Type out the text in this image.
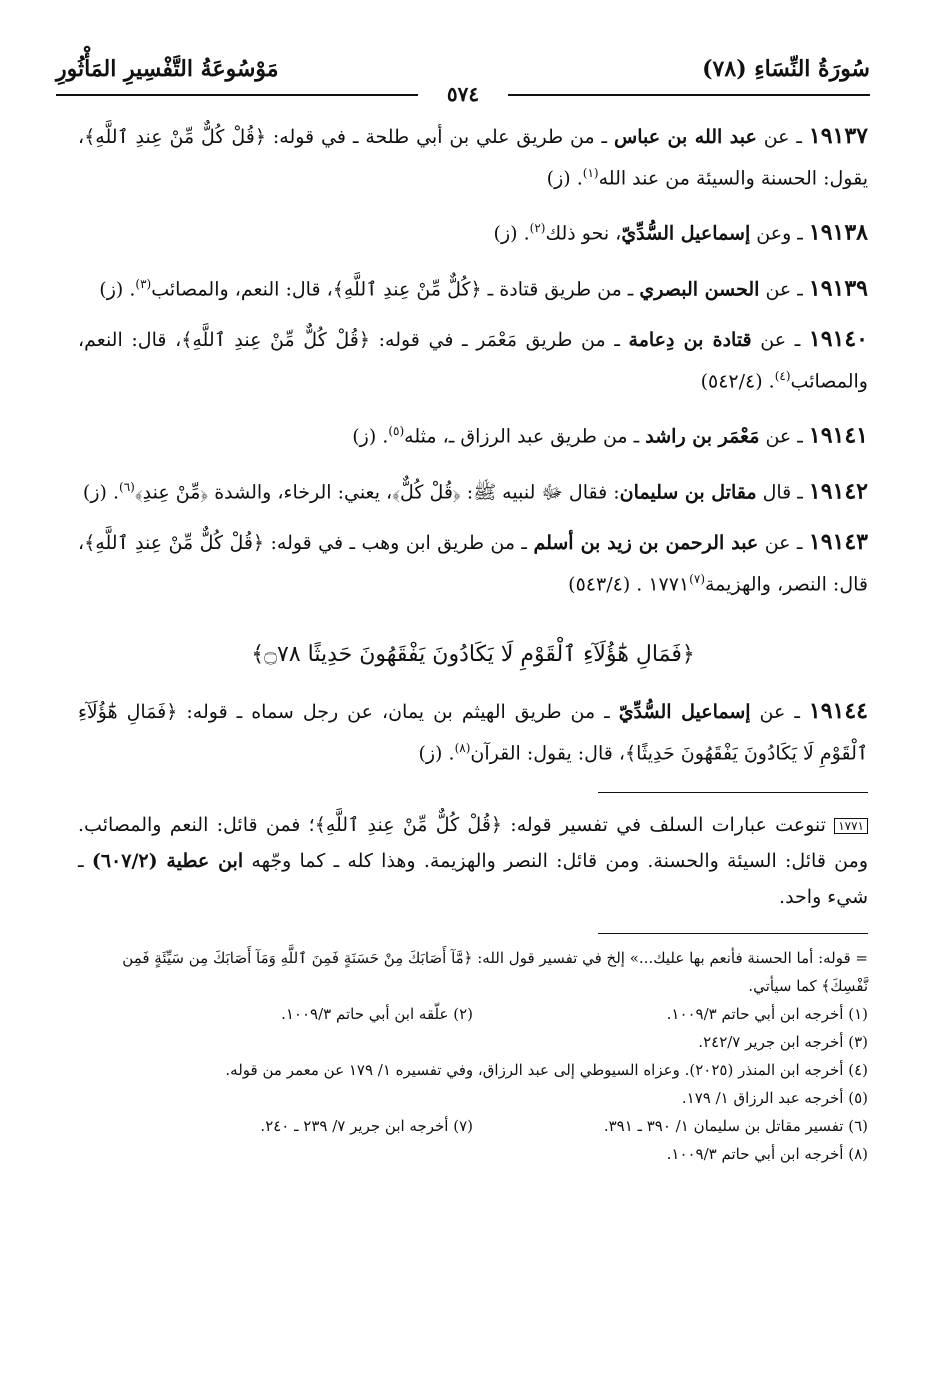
سُورَةُ النِّسَاءِ (٧٨)
مَوْسُوعَةُ التَّفْسِيرِ المَأْثُورِ
٥٧٤

١٩١٣٧ ـ عن عبد الله بن عباس ـ من طريق علي بن أبي طلحة ـ في قوله: ﴿قُلْ كُلٌّ مِّنْ عِندِ ٱللَّهِ﴾، يقول: الحسنة والسيئة من عند الله$^{(١)}$. (ز)

١٩١٣٨ ـ وعن إسماعيل السُّدِّيّ، نحو ذلك$^{(٢)}$. (ز)

١٩١٣٩ ـ عن الحسن البصري ـ من طريق قتادة ـ ﴿كُلٌّ مِّنْ عِندِ ٱللَّهِ﴾، قال: النعم، والمصائب$^{(٣)}$. (ز)

١٩١٤٠ ـ عن قتادة بن دِعامة ـ من طريق مَعْمَر ـ في قوله: ﴿قُلْ كُلٌّ مِّنْ عِندِ ٱللَّهِ﴾، قال: النعم، والمصائب$^{(٤)}$. (٥٤٢/٤)

١٩١٤١ ـ عن مَعْمَر بن راشد ـ من طريق عبد الرزاق ـ، مثله$^{(٥)}$. (ز)

١٩١٤٢ ـ قال مقاتل بن سليمان: فقال ﷻ لنبيه ﷺ: ﴿قُلْ كُلٌّ﴾، يعني: الرخاء، والشدة ﴿مِّنْ عِندِ﴾$^{(٦)}$. (ز)

١٩١٤٣ ـ عن عبد الرحمن بن زيد بن أسلم ـ من طريق ابن وهب ـ في قوله: ﴿قُلْ كُلٌّ مِّنْ عِندِ ٱللَّهِ﴾، قال: النصر، والهزيمة$^{(٧)}$١٧٧١ . (٥٤٣/٤)

﴿فَمَالِ هَٰٓؤُلَآءِ ٱلْقَوْمِ لَا يَكَادُونَ يَفْقَهُونَ حَدِيثًا ۝٧٨﴾

١٩١٤٤ ـ عن إسماعيل السُّدِّيّ ـ من طريق الهيثم بن يمان، عن رجل سماه ـ قوله: ﴿فَمَالِ هَٰٓؤُلَآءِ ٱلْقَوْمِ لَا يَكَادُونَ يَفْقَهُونَ حَدِيثًا﴾، قال: يقول: القرآن$^{(٨)}$. (ز)

١٧٧١ تنوعت عبارات السلف في تفسير قوله: ﴿قُلْ كُلٌّ مِّنْ عِندِ ٱللَّهِ﴾؛ فمن قائل: النعم والمصائب. ومن قائل: السيئة والحسنة. ومن قائل: النصر والهزيمة. وهذا كله ـ كما وجّهه ابن عطية (٦٠٧/٢) ـ شيء واحد.

= قوله: أما الحسنة فأنعم بها عليك...» إلخ في تفسير قول الله: ﴿مَّآ أَصَابَكَ مِنْ حَسَنَةٍ فَمِنَ ٱللَّهِ وَمَآ أَصَابَكَ مِن سَيِّئَةٍ فَمِن نَّفْسِكَ﴾ كما سيأتي.
(١) أخرجه ابن أبي حاتم ١٠٠٩/٣.
(٢) علّقه ابن أبي حاتم ١٠٠٩/٣.
(٣) أخرجه ابن جرير ٢٤٢/٧.
(٤) أخرجه ابن المنذر (٢٠٢٥). وعزاه السيوطي إلى عبد الرزاق، وفي تفسيره ١/ ١٧٩ عن معمر من قوله.
(٥) أخرجه عبد الرزاق ١/ ١٧٩.
(٦) تفسير مقاتل بن سليمان ١/ ٣٩٠ ـ ٣٩١.
(٧) أخرجه ابن جرير ٧/ ٢٣٩ ـ ٢٤٠.
(٨) أخرجه ابن أبي حاتم ١٠٠٩/٣.
